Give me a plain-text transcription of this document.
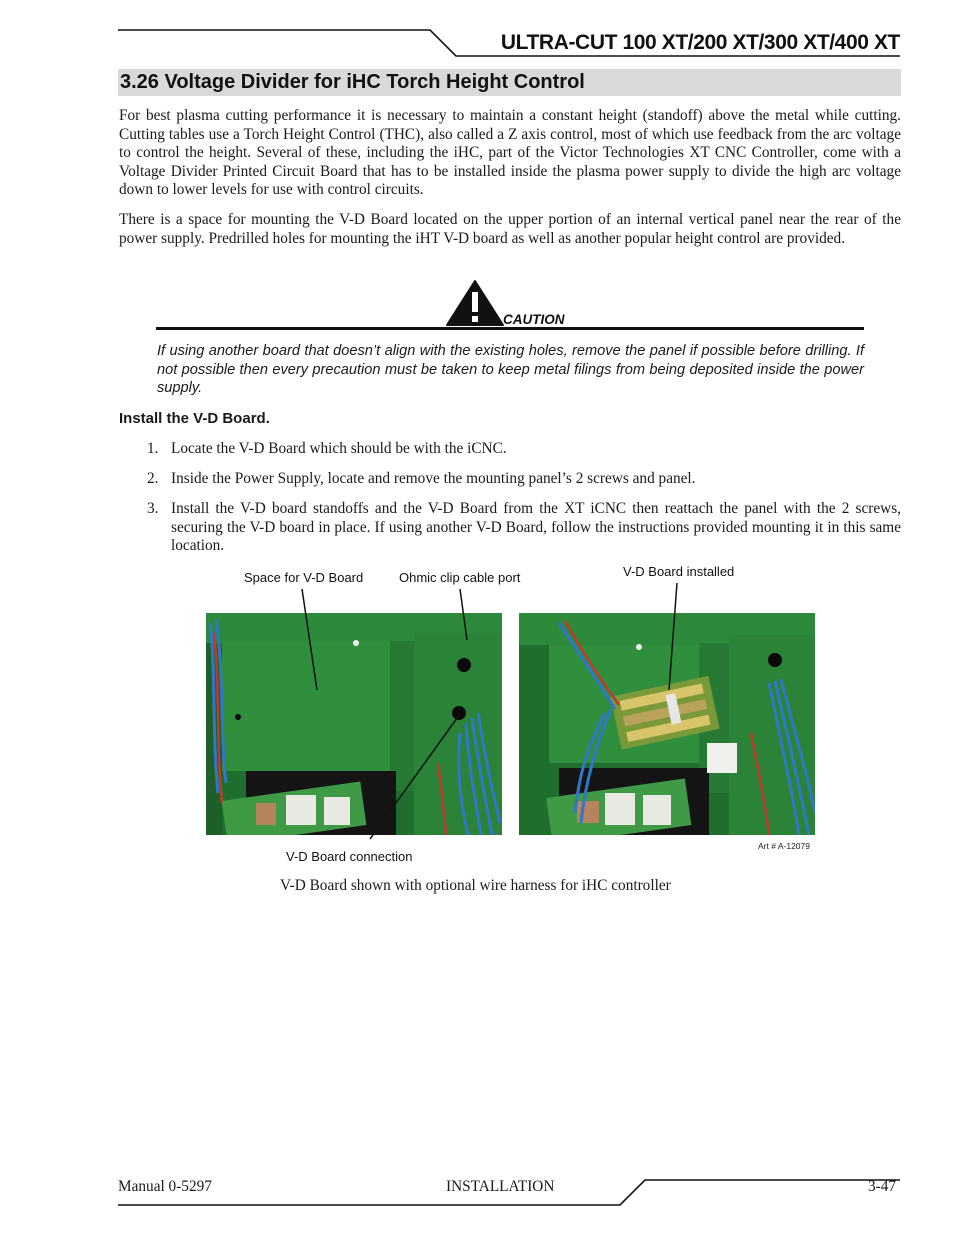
ULTRA-CUT 100 XT/200 XT/300 XT/400 XT
3.26 Voltage Divider for iHC Torch Height Control

For best plasma cutting performance it is necessary to maintain a constant height (standoff) above the metal while cutting. Cutting tables use a Torch Height Control (THC), also called a Z axis control, most of which use feedback from the arc voltage to control the height. Several of these, including the iHC, part of the Victor Technologies XT CNC Controller, come with a Voltage Divider Printed Circuit Board that has to be installed inside the plasma power supply to divide the high arc voltage down to lower levels for use with control circuits.

There is a space for mounting the V-D Board located on the upper portion of an internal vertical panel near the rear of the power supply. Predrilled holes for mounting the iHT V-D board as well as another popular height control are provided.

CAUTION

If using another board that doesn’t align with the existing holes, remove the panel if possible before drilling. If not possible then every precaution must be taken to keep metal filings from being deposited inside the power supply.

Install the V-D Board.
1. Locate the V-D Board which should be with the iCNC.

2. Inside the Power Supply, locate and remove the mounting panel’s 2 screws and panel.

3. Install the V-D board standoffs and the V-D Board from the XT iCNC then reattach the panel with the 2 screws, securing the V-D board in place. If using another V-D Board, follow the instructions provided mounting it in this same location.

Space for V-D Board	Ohmic clip cable port	V-D Board installed
V-D Board connection
Art # A-12079
V-D Board shown with optional wire harness for iHC controller
Manual 0-5297	INSTALLATION	3-47
